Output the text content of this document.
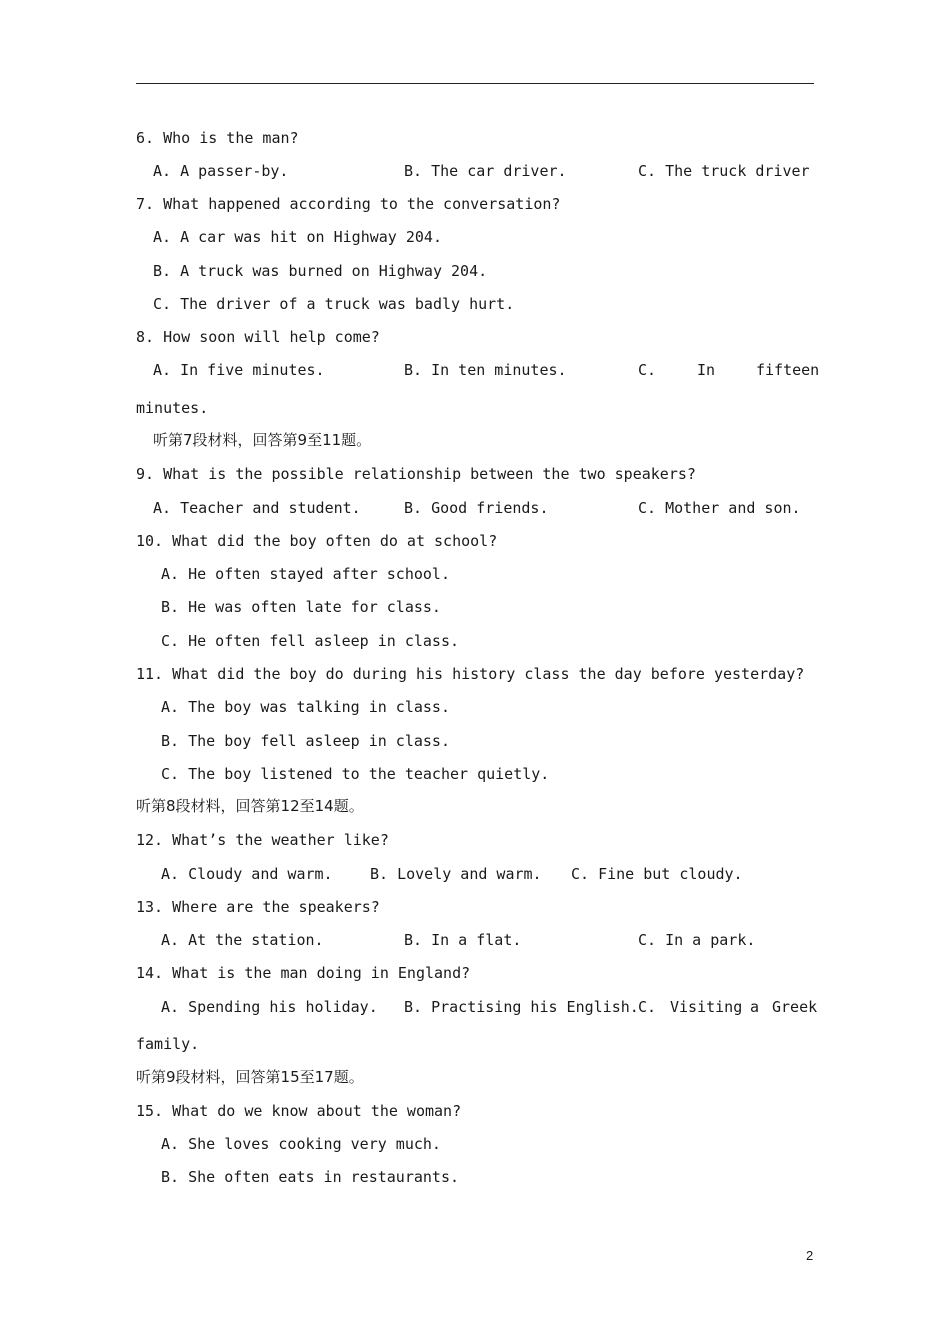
6. Who is the man?
A. A passer-by.	B. The car driver.	C. The truck driver
7. What happened according to the conversation?
A. A car was hit on Highway 204.
B. A truck was burned on Highway 204.
C. The driver of a truck was badly hurt.
8. How soon will help come?
A. In five minutes.	B. In ten minutes.	C.	In	fifteen
minutes.
听第7段材料，回答第9至11题。
9. What is the possible relationship between the two speakers?
A. Teacher and student.	B. Good friends.	C. Mother and son.
10. What did the boy often do at school?
A. He often stayed after school.
B. He was often late for class.
C. He often fell asleep in class.
11. What did the boy do during his history class the day before yesterday?
A. The boy was talking in class.
B. The boy fell asleep in class.
C. The boy listened to the teacher quietly.
听第8段材料，回答第12至14题。
12. What’s the weather like?
A. Cloudy and warm. B. Lovely and warm. C. Fine but cloudy.
13. Where are the speakers?
A. At the station.	B. In a flat.	C. In a park.
14. What is the man doing in England?
A. Spending his holiday. B. Practising his English. C. Visiting a Greek
family.
听第9段材料，回答第15至17题。
15. What do we know about the woman?
A. She loves cooking very much.
B. She often eats in restaurants.
2
